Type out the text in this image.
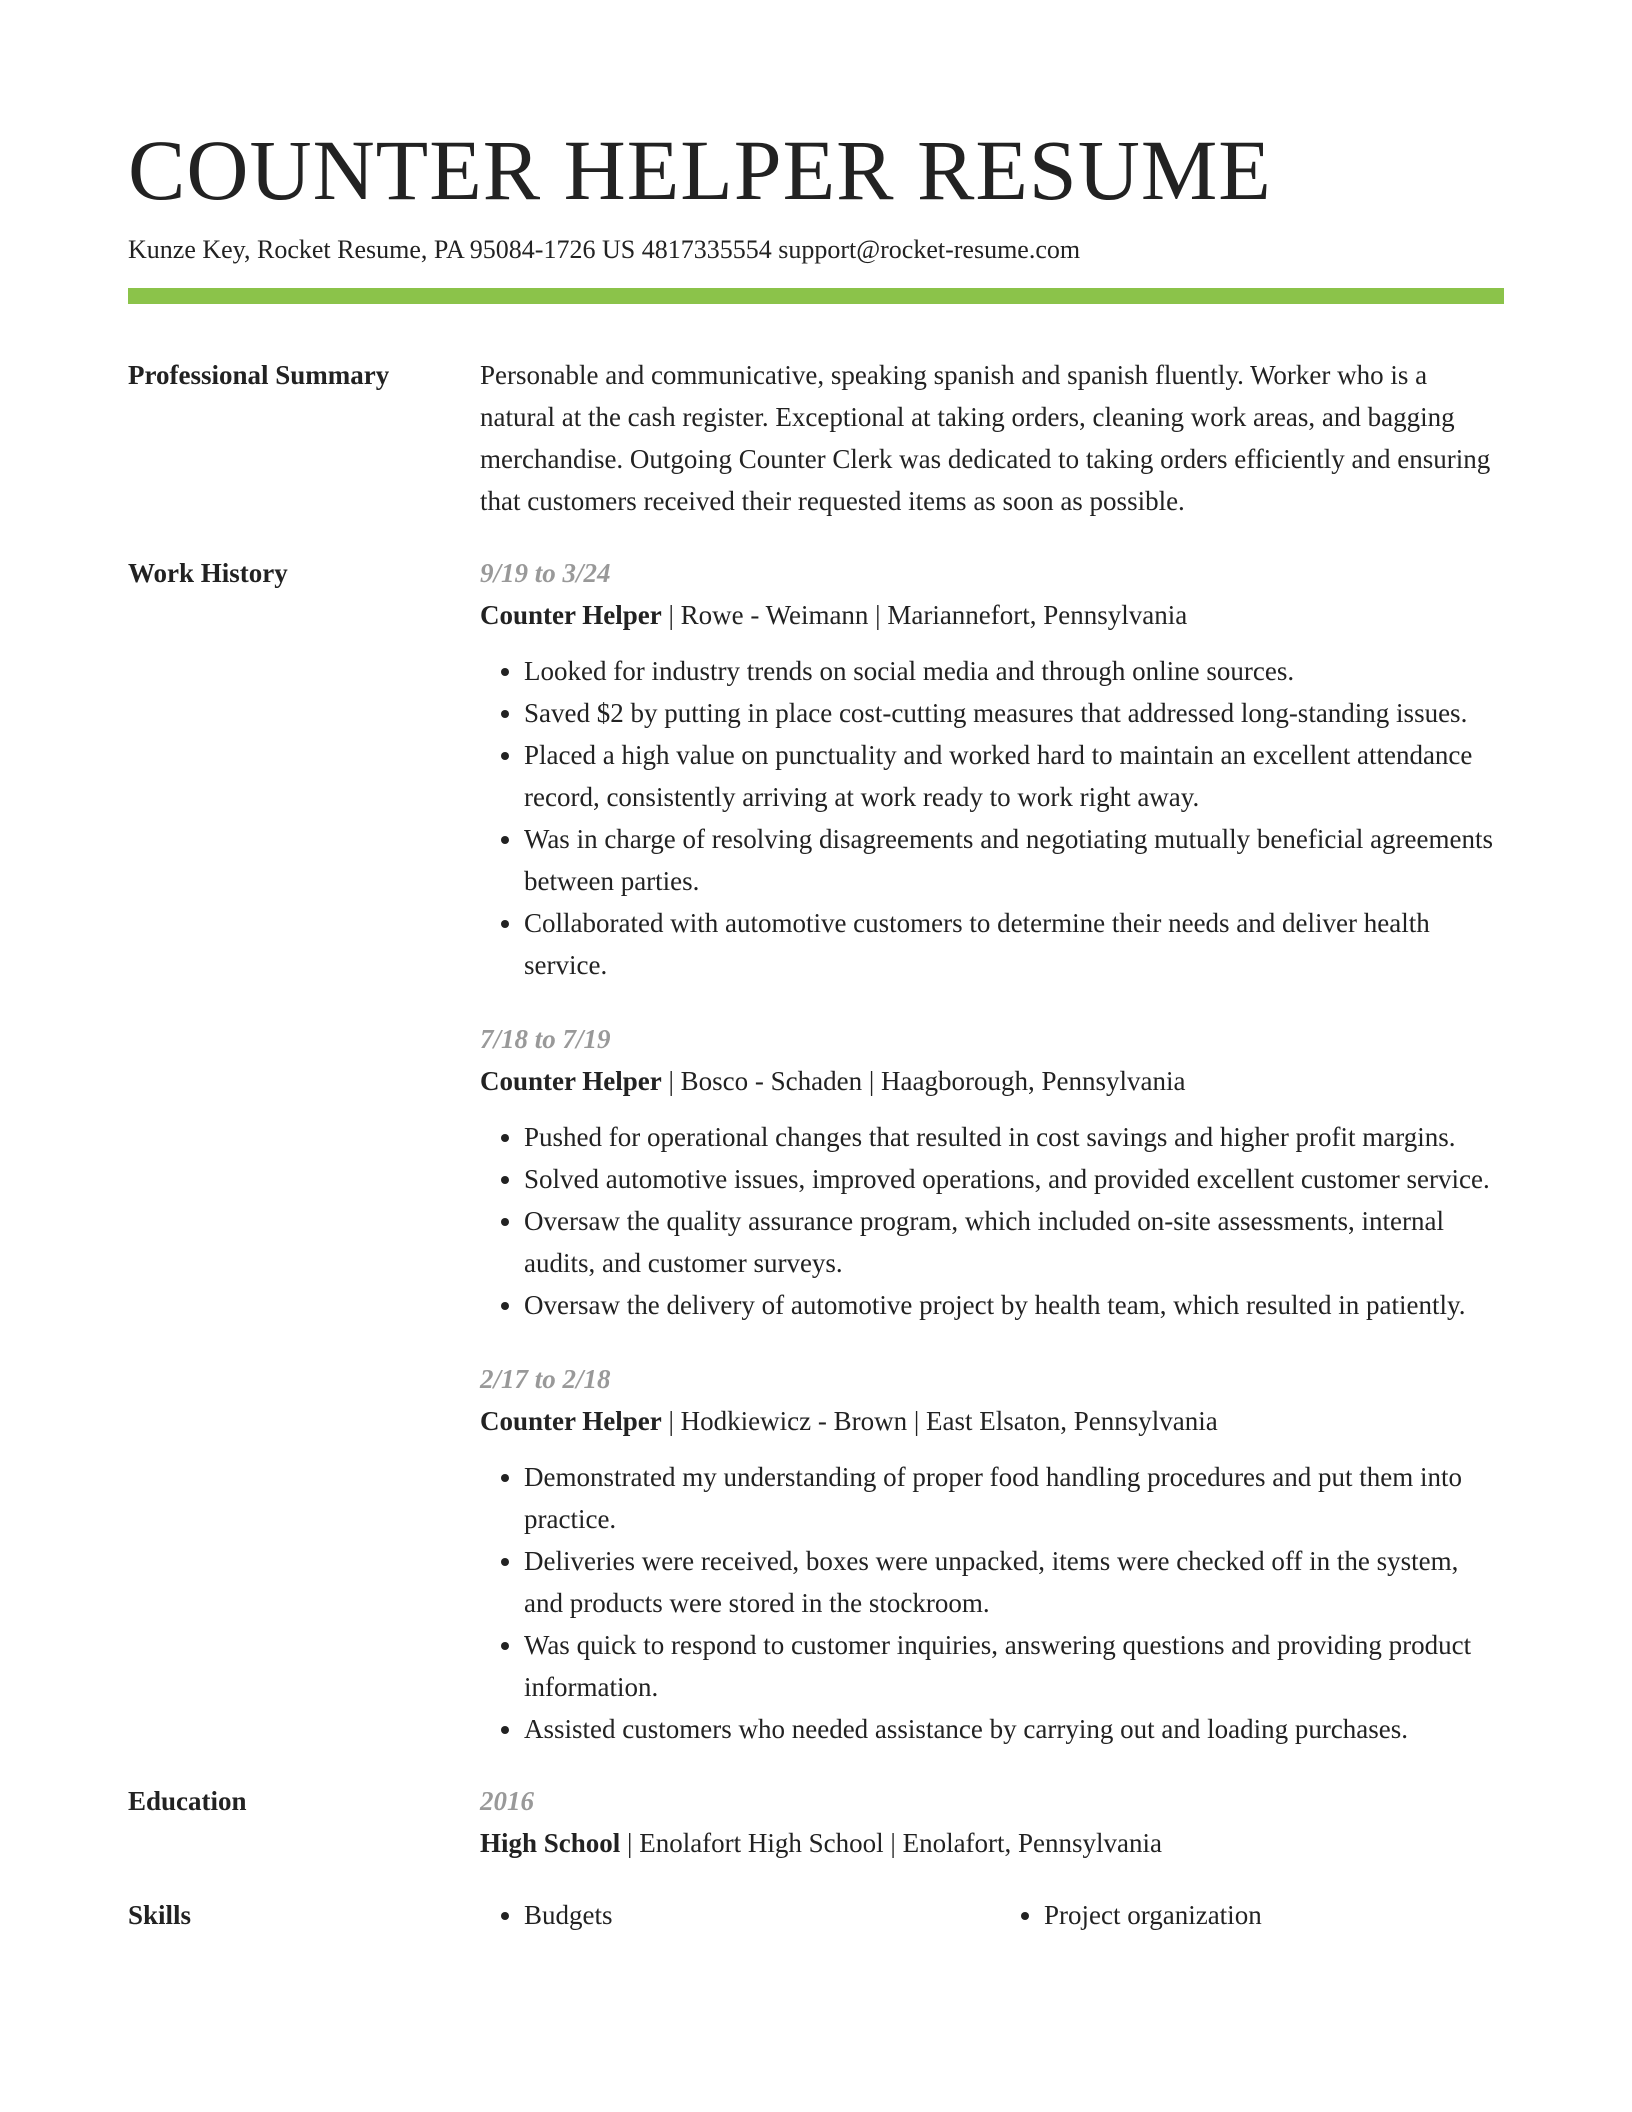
COUNTER HELPER RESUME
Kunze Key, Rocket Resume, PA 95084-1726 US 4817335554 support@rocket-resume.com
Professional Summary	Personable and communicative, speaking spanish and spanish fluently. Worker who is a natural at the cash register. Exceptional at taking orders, cleaning work areas, and bagging merchandise. Outgoing Counter Clerk was dedicated to taking orders efficiently and ensuring that customers received their requested items as soon as possible.

Work History	9/19 to 3/24
Counter Helper | Rowe - Weimann | Mariannefort, Pennsylvania
• Looked for industry trends on social media and through online sources.
• Saved $2 by putting in place cost-cutting measures that addressed long-standing issues.
• Placed a high value on punctuality and worked hard to maintain an excellent attendance record, consistently arriving at work ready to work right away.
• Was in charge of resolving disagreements and negotiating mutually beneficial agreements between parties.
• Collaborated with automotive customers to determine their needs and deliver health service.
7/18 to 7/19
Counter Helper | Bosco - Schaden | Haagborough, Pennsylvania
• Pushed for operational changes that resulted in cost savings and higher profit margins.
• Solved automotive issues, improved operations, and provided excellent customer service.
• Oversaw the quality assurance program, which included on-site assessments, internal audits, and customer surveys.
• Oversaw the delivery of automotive project by health team, which resulted in patiently.
2/17 to 2/18
Counter Helper | Hodkiewicz - Brown | East Elsaton, Pennsylvania
• Demonstrated my understanding of proper food handling procedures and put them into practice.
• Deliveries were received, boxes were unpacked, items were checked off in the system, and products were stored in the stockroom.
• Was quick to respond to customer inquiries, answering questions and providing product information.
• Assisted customers who needed assistance by carrying out and loading purchases.
Education	2016
High School | Enolafort High School | Enolafort, Pennsylvania
Skills	• Budgets	• Project organization
